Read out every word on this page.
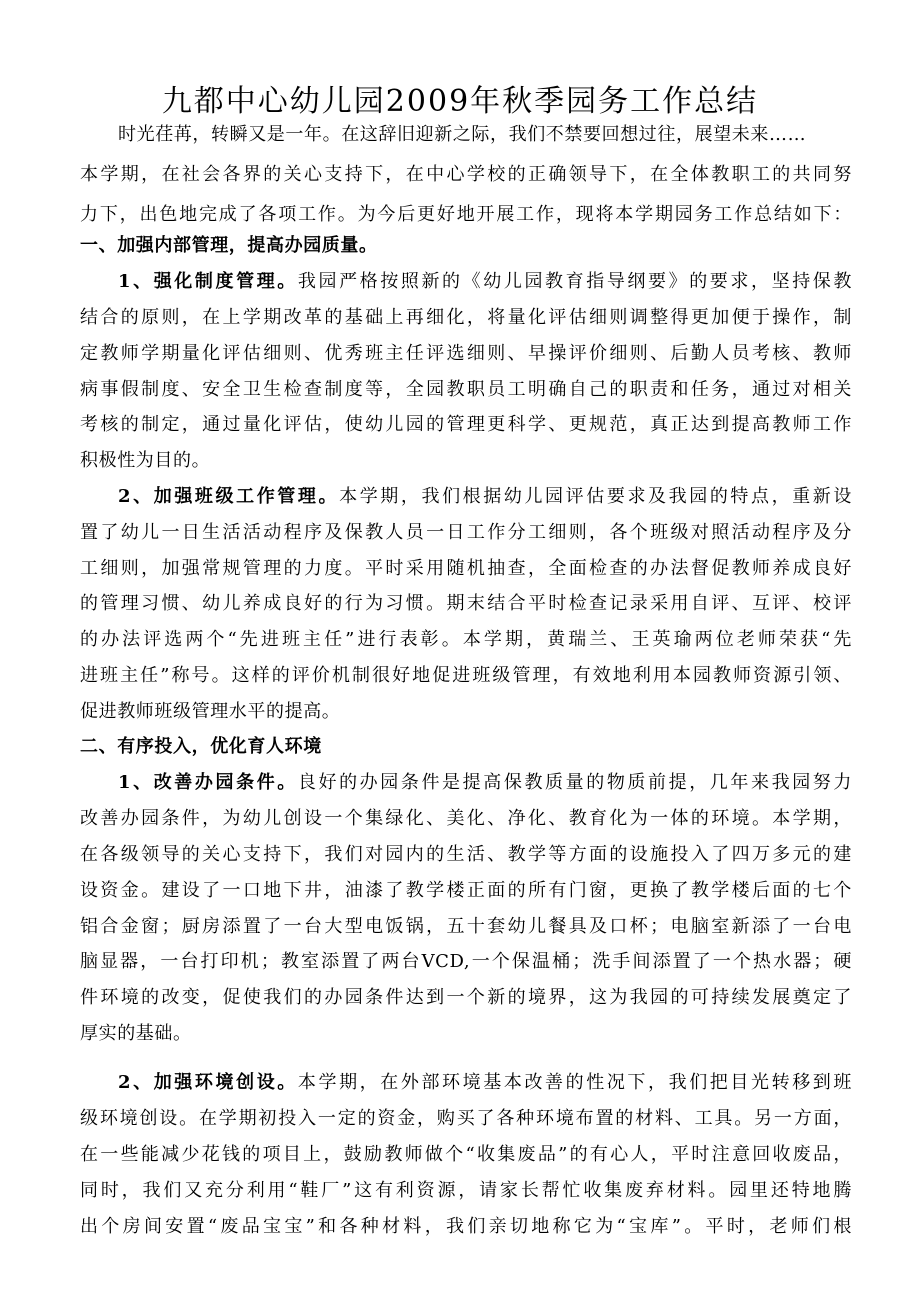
九都中心幼儿园2009年秋季园务工作总结
时光荏苒，转瞬又是一年。在这辞旧迎新之际，我们不禁要回想过往，展望未来……
本学期，在社会各界的关心支持下，在中心学校的正确领导下，在全体教职工的共同努
力下，出色地完成了各项工作。为今后更好地开展工作，现将本学期园务工作总结如下：
一、加强内部管理，提高办园质量。
1、强化制度管理。我园严格按照新的《幼儿园教育指导纲要》的要求，坚持保教
结合的原则，在上学期改革的基础上再细化，将量化评估细则调整得更加便于操作，制
定教师学期量化评估细则、优秀班主任评选细则、早操评价细则、后勤人员考核、教师
病事假制度、安全卫生检查制度等，全园教职员工明确自己的职责和任务，通过对相关
考核的制定，通过量化评估，使幼儿园的管理更科学、更规范，真正达到提高教师工作
积极性为目的。
2、加强班级工作管理。本学期，我们根据幼儿园评估要求及我园的特点，重新设
置了幼儿一日生活活动程序及保教人员一日工作分工细则，各个班级对照活动程序及分
工细则，加强常规管理的力度。平时采用随机抽查，全面检查的办法督促教师养成良好
的管理习惯、幼儿养成良好的行为习惯。期末结合平时检查记录采用自评、互评、校评
的办法评选两个“先进班主任”进行表彰。本学期，黄瑞兰、王英瑜两位老师荣获“先
进班主任”称号。这样的评价机制很好地促进班级管理，有效地利用本园教师资源引领、
促进教师班级管理水平的提高。
二、有序投入，优化育人环境
1、改善办园条件。良好的办园条件是提高保教质量的物质前提，几年来我园努力
改善办园条件，为幼儿创设一个集绿化、美化、净化、教育化为一体的环境。本学期，
在各级领导的关心支持下，我们对园内的生活、教学等方面的设施投入了四万多元的建
设资金。建设了一口地下井，油漆了教学楼正面的所有门窗，更换了教学楼后面的七个
铝合金窗；厨房添置了一台大型电饭锅，五十套幼儿餐具及口杯；电脑室新添了一台电
脑显器，一台打印机；教室添置了两台VCD,一个保温桶；洗手间添置了一个热水器；硬
件环境的改变，促使我们的办园条件达到一个新的境界，这为我园的可持续发展奠定了
厚实的基础。
2、加强环境创设。本学期，在外部环境基本改善的性况下，我们把目光转移到班
级环境创设。在学期初投入一定的资金，购买了各种环境布置的材料、工具。另一方面，
在一些能减少花钱的项目上，鼓励教师做个“收集废品”的有心人，平时注意回收废品，
同时，我们又充分利用“鞋厂”这有利资源，请家长帮忙收集废弃材料。园里还特地腾
出个房间安置“废品宝宝”和各种材料，我们亲切地称它为“宝库”。平时，老师们根
